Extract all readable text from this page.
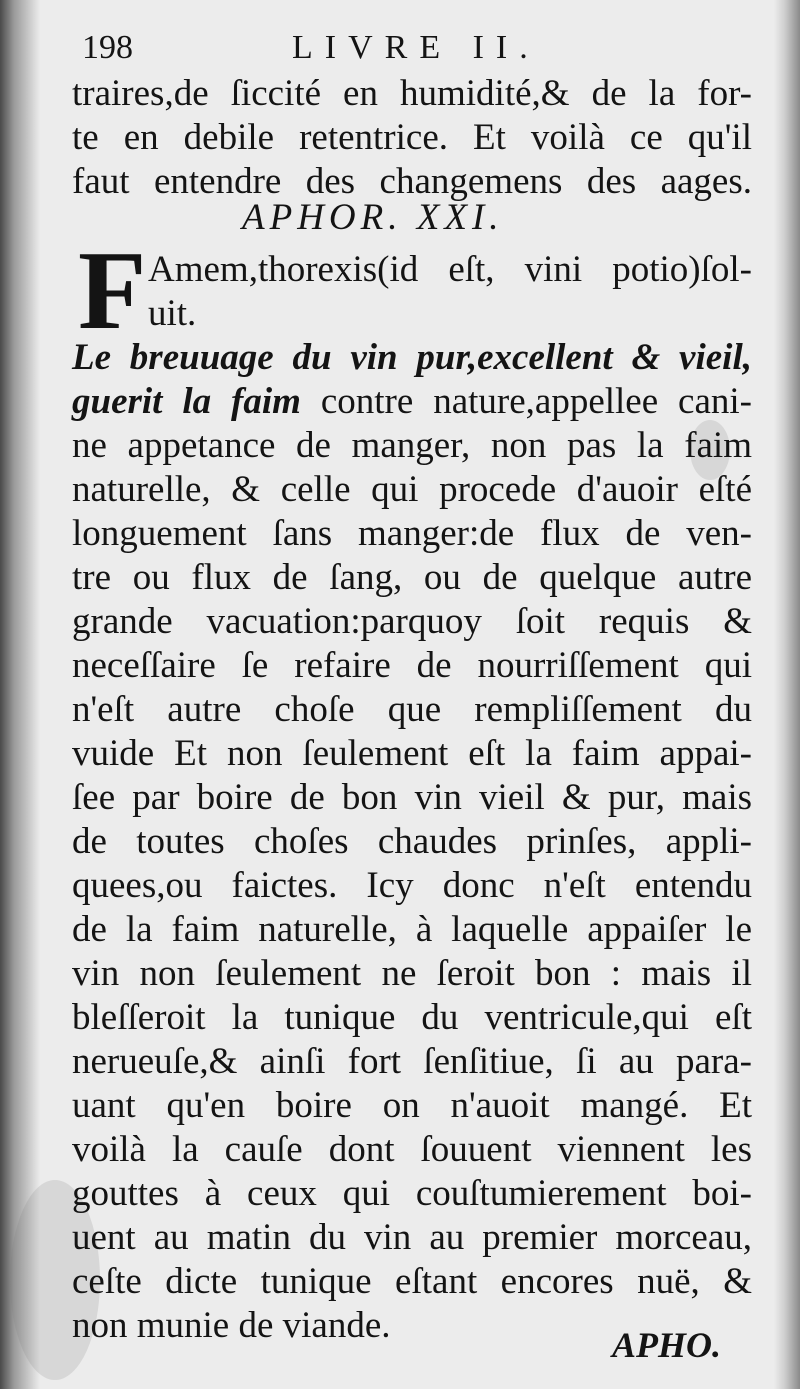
198	LIVRE II.
traires,de ſiccité en humidité,& de la for-
te en debile retentrice. Et voilà ce qu'il
faut entendre des changemens des aages.
APHOR. XXI.
F Amem,thorexis(id eſt, vini potio)ſol-
uit.
Le breuuage du vin pur,excellent & vieil,
guerit la faim contre nature,appellee cani-
ne appetance de manger, non pas la faim
naturelle, & celle qui procede d'auoir eſté
longuement ſans manger:de flux de ven-
tre ou flux de ſang, ou de quelque autre
grande vacuation:parquoy ſoit requis &
neceſſaire ſe refaire de nourriſſement qui
n'eſt autre choſe que rempliſſement du
vuide Et non ſeulement eſt la faim appai-
ſee par boire de bon vin vieil & pur, mais
de toutes choſes chaudes prinſes, appli-
quees,ou faictes. Icy donc n'eſt entendu
de la faim naturelle, à laquelle appaiſer le
vin non ſeulement ne ſeroit bon : mais il
bleſſeroit la tunique du ventricule,qui eſt
nerueuſe,& ainſi fort ſenſitiue, ſi au para-
uant qu'en boire on n'auoit mangé. Et
voilà la cauſe dont ſouuent viennent les
gouttes à ceux qui couſtumierement boi-
uent au matin du vin au premier morceau,
ceſte dicte tunique eſtant encores nuë, &
non munie de viande.	APHO.
